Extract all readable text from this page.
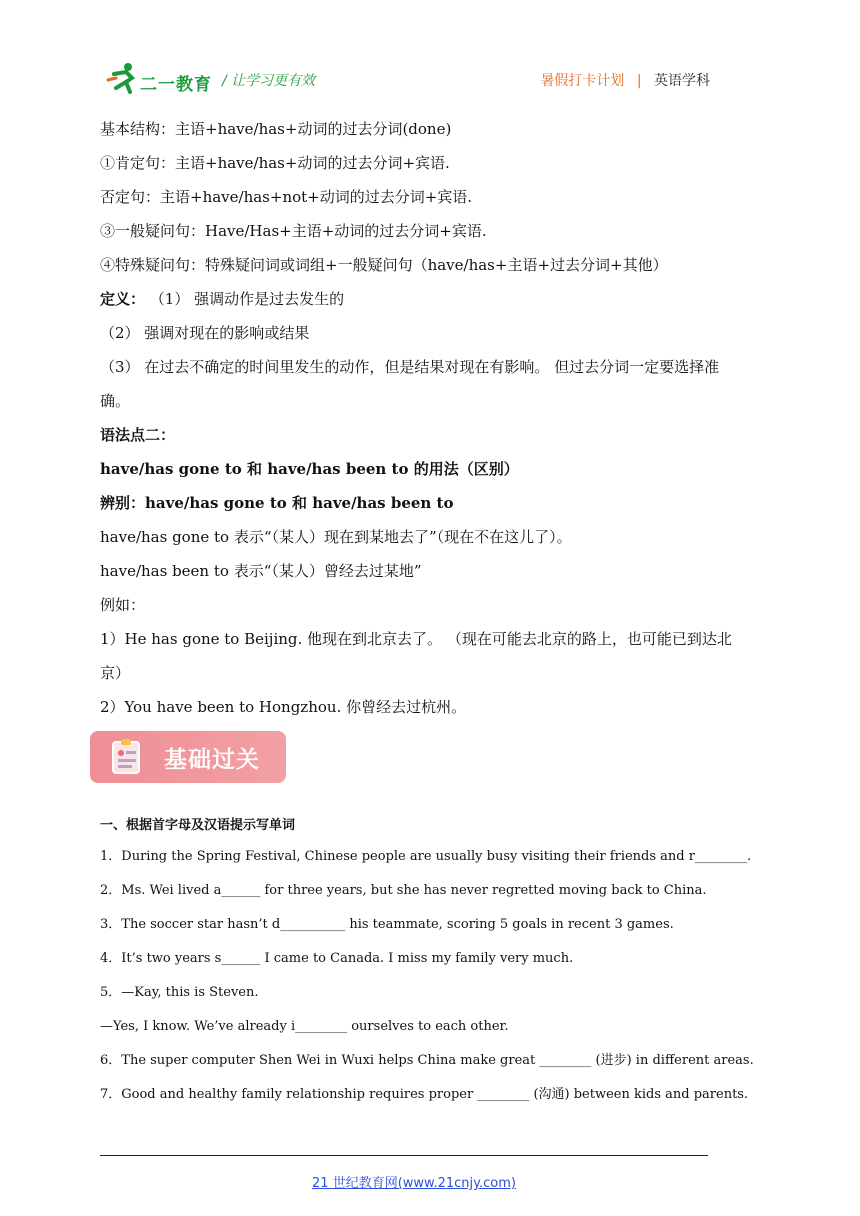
二一教育 / 让学习更有效	暑假打卡计划 | 英语学科
基本结构：主语+have/has+动词的过去分词(done)
①肯定句：主语+have/has+动词的过去分词+宾语.
否定句：主语+have/has+not+动词的过去分词+宾语.
③一般疑问句：Have/Has+主语+动词的过去分词+宾语.
④特殊疑问句：特殊疑问词或词组+一般疑问句（have/has+主语+过去分词+其他）
定义： （1） 强调动作是过去发生的
（2） 强调对现在的影响或结果
（3） 在过去不确定的时间里发生的动作，但是结果对现在有影响。 但过去分词一定要选择准确。
语法点二：
have/has gone to 和 have/has been to 的用法（区别）
辨别：have/has gone to 和 have/has been to
have/has gone to 表示“（某人）现在到某地去了”（现在不在这儿了）。
have/has been to 表示“（某人）曾经去过某地”
例如：
1）He has gone to Beijing. 他现在到北京去了。 （现在可能去北京的路上，也可能已到达北京）
2）You have been to Hongzhou. 你曾经去过杭州。
基础过关
一、根据首字母及汉语提示写单词
1．During the Spring Festival, Chinese people are usually busy visiting their friends and r________.
2．Ms. Wei lived a______ for three years, but she has never regretted moving back to China.
3．The soccer star hasn’t d__________ his teammate, scoring 5 goals in recent 3 games.
4．It’s two years s______ I came to Canada. I miss my family very much.
5．—Kay, this is Steven.
—Yes, I know. We’ve already i________ ourselves to each other.
6．The super computer Shen Wei in Wuxi helps China make great ________ (进步) in different areas.
7．Good and healthy family relationship requires proper ________ (沟通) between kids and parents.
21 世纪教育网(www.21cnjy.com)
